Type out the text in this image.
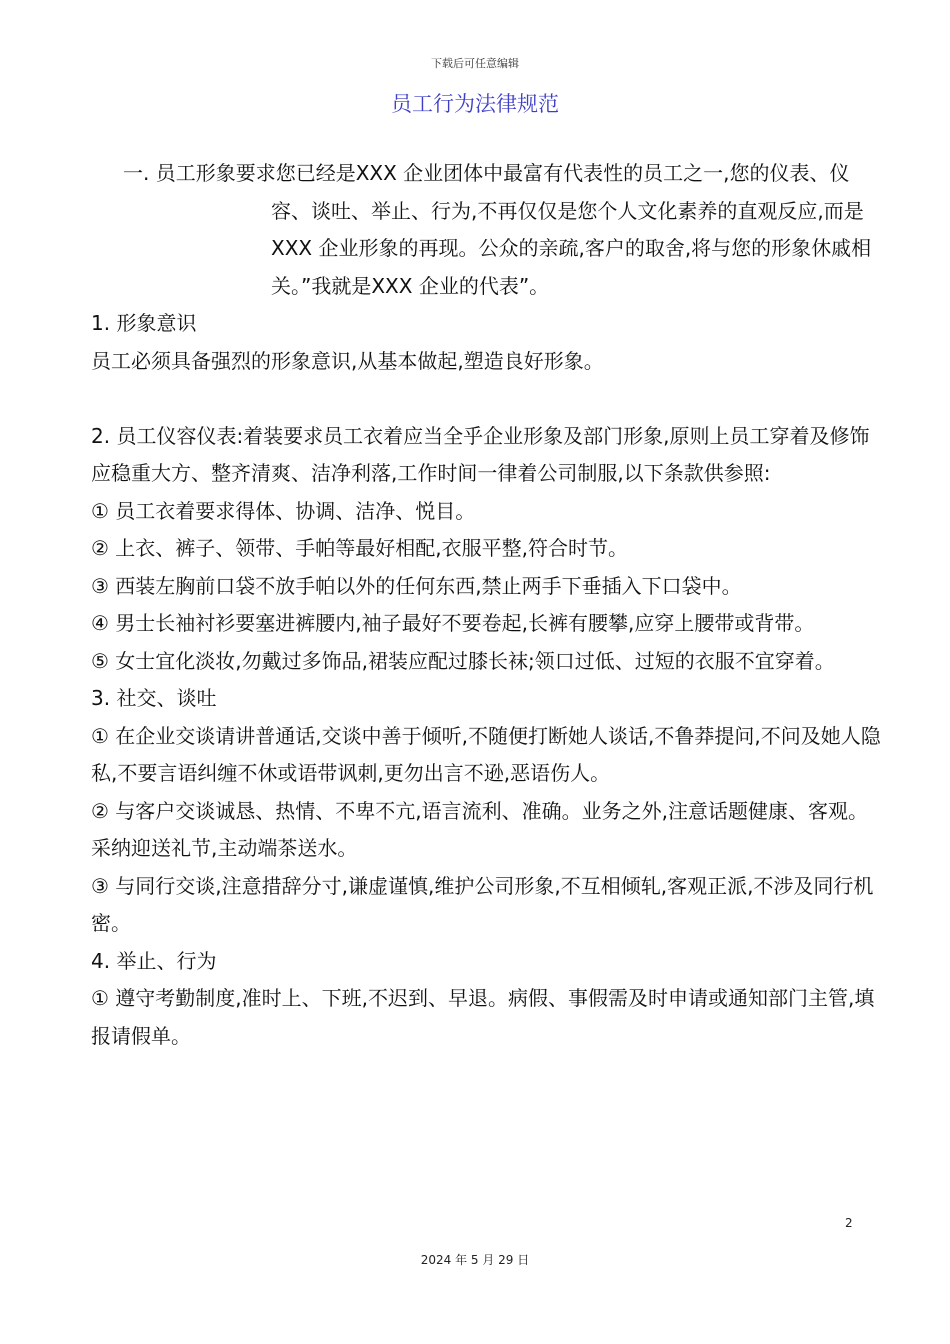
下载后可任意编辑
员工行为法律规范

一. 员工形象要求您已经是XXX 企业团体中最富有代表性的员工之一,您的仪表、仪容、谈吐、举止、行为,不再仅仅是您个人文化素养的直观反应,而是XXX 企业形象的再现。公众的亲疏,客户的取舍,将与您的形象休戚相关。”我就是XXX 企业的代表”。

1. 形象意识

员工必须具备强烈的形象意识,从基本做起,塑造良好形象。

2. 员工仪容仪表:着装要求员工衣着应当全乎企业形象及部门形象,原则上员工穿着及修饰应稳重大方、整齐清爽、洁净利落,工作时间一律着公司制服,以下条款供参照:

① 员工衣着要求得体、协调、洁净、悦目。

② 上衣、裤子、领带、手帕等最好相配,衣服平整,符合时节。

③ 西装左胸前口袋不放手帕以外的任何东西,禁止两手下垂插入下口袋中。

④ 男士长袖衬衫要塞进裤腰内,袖子最好不要卷起,长裤有腰攀,应穿上腰带或背带。

⑤ 女士宜化淡妆,勿戴过多饰品,裙装应配过膝长袜;领口过低、过短的衣服不宜穿着。

3. 社交、谈吐

① 在企业交谈请讲普通话,交谈中善于倾听,不随便打断她人谈话,不鲁莽提问,不问及她人隐私,不要言语纠缠不休或语带讽刺,更勿出言不逊,恶语伤人。

② 与客户交谈诚恳、热情、不卑不亢,语言流利、准确。业务之外,注意话题健康、客观。采纳迎送礼节,主动端茶送水。

③ 与同行交谈,注意措辞分寸,谦虚谨慎,维护公司形象,不互相倾轧,客观正派,不涉及同行机密。

4. 举止、行为

① 遵守考勤制度,准时上、下班,不迟到、早退。病假、事假需及时申请或通知部门主管,填报请假单。

2
2024 年 5 月 29 日
